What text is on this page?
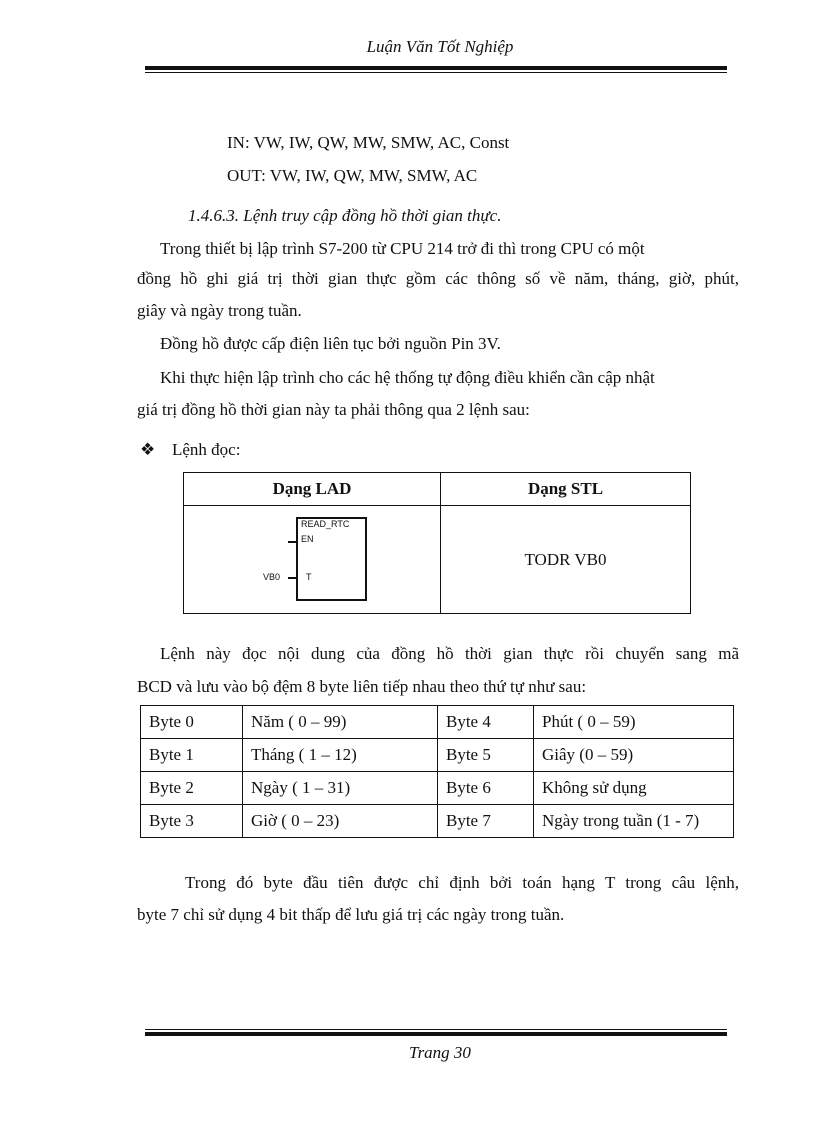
Luận Văn Tốt Nghiệp
IN: VW, IW, QW, MW, SMW, AC, Const
OUT: VW, IW, QW, MW, SMW, AC
1.4.6.3. Lệnh truy cập đồng hồ thời gian thực.
Trong thiết bị lập trình S7-200 từ CPU 214 trở đi thì trong CPU có một
đồng hồ ghi giá trị thời gian thực gồm các thông số về năm, tháng, giờ, phút,
giây và ngày trong tuần.
Đồng hồ được cấp điện liên tục bởi nguồn Pin 3V.
Khi thực hiện lập trình cho các hệ thống tự động điều khiển cần cập nhật
giá trị đồng hồ thời gian này ta phải thông qua 2 lệnh sau:
❖ Lệnh đọc:
Dạng LAD	Dạng STL

READ_RTC
EN
VB0 T	TODR VB0
Lệnh này đọc nội dung của đồng hồ thời gian thực rồi chuyển sang mã
BCD và lưu vào bộ đệm 8 byte liên tiếp nhau theo thứ tự như sau:
Byte 0	Năm ( 0 – 99)	Byte 4	Phút ( 0 – 59)
Byte 1	Tháng ( 1 – 12)	Byte 5	Giây (0 – 59)
Byte 2	Ngày ( 1 – 31)	Byte 6	Không sử dụng
Byte 3	Giờ ( 0 – 23)	Byte 7	Ngày trong tuần (1 - 7)
Trong đó byte đầu tiên được chỉ định bởi toán hạng T trong câu lệnh,
byte 7 chỉ sử dụng 4 bit thấp để lưu giá trị các ngày trong tuần.
Trang 30
